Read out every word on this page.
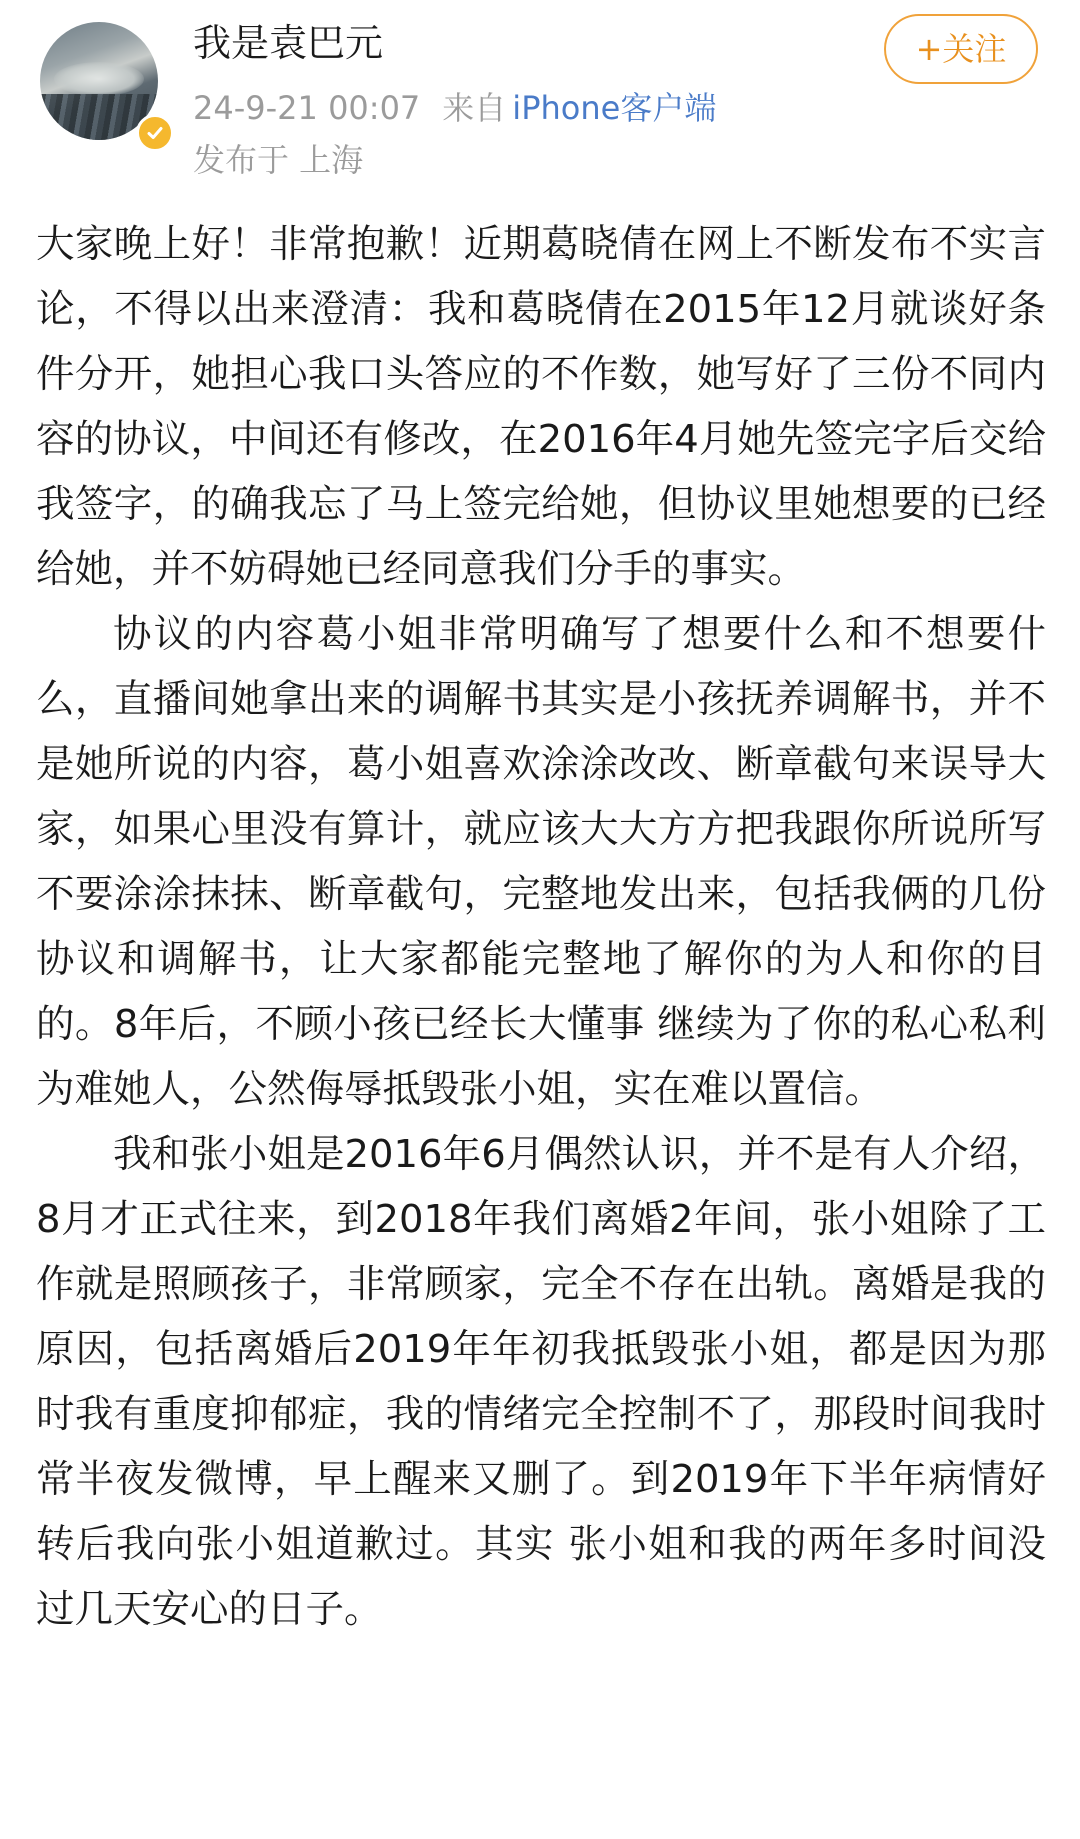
我是袁巴元
24-9-21 00:07 来自 iPhone客户端
发布于 上海
+关注

大家晚上好！非常抱歉！近期葛晓倩在网上不断发布不实言论，不得以出来澄清：我和葛晓倩在2015年12月就谈好条件分开，她担心我口头答应的不作数，她写好了三份不同内容的协议，中间还有修改，在2016年4月她先签完字后交给我签字，的确我忘了马上签完给她，但协议里她想要的已经给她，并不妨碍她已经同意我们分手的事实。

协议的内容葛小姐非常明确写了想要什么和不想要什么，直播间她拿出来的调解书其实是小孩抚养调解书，并不是她所说的内容，葛小姐喜欢涂涂改改、断章截句来误导大家，如果心里没有算计，就应该大大方方把我跟你所说所写不要涂涂抹抹、断章截句，完整地发出来，包括我俩的几份协议和调解书，让大家都能完整地了解你的为人和你的目的。8年后，不顾小孩已经长大懂事 继续为了你的私心私利为难她人，公然侮辱抵毁张小姐，实在难以置信。

我和张小姐是2016年6月偶然认识，并不是有人介绍，8月才正式往来，到2018年我们离婚2年间，张小姐除了工作就是照顾孩子，非常顾家，完全不存在出轨。离婚是我的原因，包括离婚后2019年年初我抵毁张小姐，都是因为那时我有重度抑郁症，我的情绪完全控制不了，那段时间我时常半夜发微博，早上醒来又删了。到2019年下半年病情好转后我向张小姐道歉过。其实 张小姐和我的两年多时间没过几天安心的日子。
